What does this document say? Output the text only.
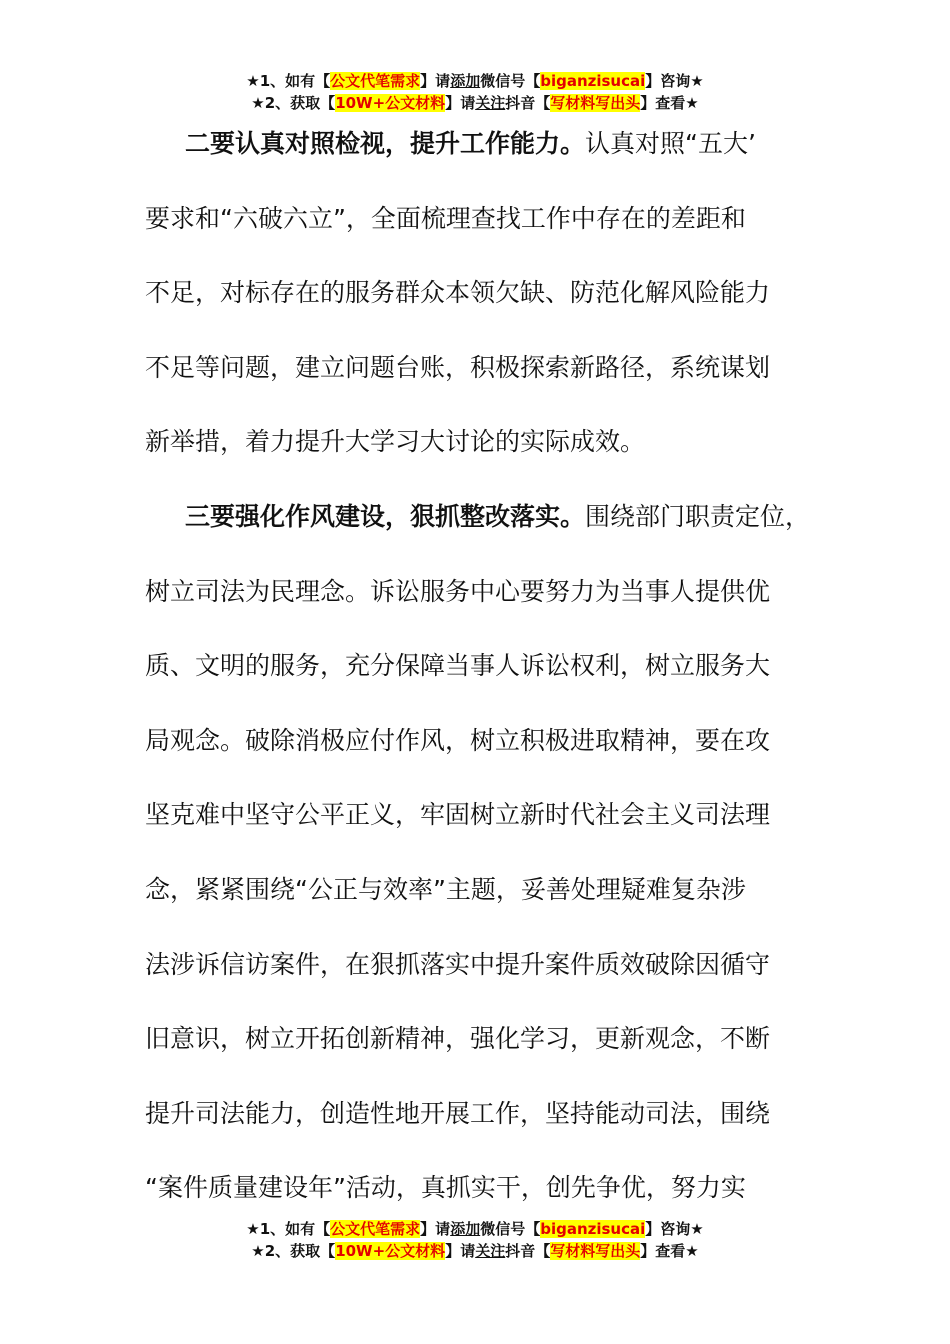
★1、如有【公文代笔需求】请添加微信号【biganzisucai】咨询★
★2、获取【10W+公文材料】请关注抖音【写材料写出头】查看★
二要认真对照检视，提升工作能力。认真对照“五大’
要求和“六破六立”，全面梳理查找工作中存在的差距和
不足，对标存在的服务群众本领欠缺、防范化解风险能力
不足等问题，建立问题台账，积极探索新路径，系统谋划
新举措，着力提升大学习大讨论的实际成效。
三要强化作风建设，狠抓整改落实。围绕部门职责定位，
树立司法为民理念。诉讼服务中心要努力为当事人提供优
质、文明的服务，充分保障当事人诉讼权利，树立服务大
局观念。破除消极应付作风，树立积极进取精神，要在攻
坚克难中坚守公平正义，牢固树立新时代社会主义司法理
念，紧紧围绕“公正与效率”主题，妥善处理疑难复杂涉
法涉诉信访案件，在狠抓落实中提升案件质效破除因循守
旧意识，树立开拓创新精神，强化学习，更新观念，不断
提升司法能力，创造性地开展工作，坚持能动司法，围绕
“案件质量建设年”活动，真抓实干，创先争优，努力实
★1、如有【公文代笔需求】请添加微信号【biganzisucai】咨询★
★2、获取【10W+公文材料】请关注抖音【写材料写出头】查看★
